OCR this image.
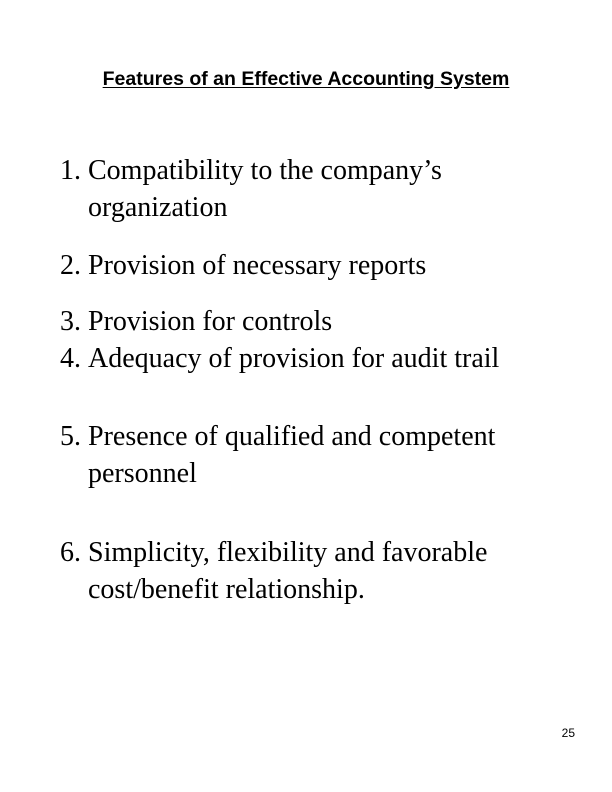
Features of an Effective Accounting System
1. Compatibility to the company’s
organization
2. Provision of necessary reports
3. Provision for controls
4. Adequacy of provision for audit trail
5. Presence of qualified and competent
personnel
6. Simplicity, flexibility and favorable
cost/benefit relationship.
25
